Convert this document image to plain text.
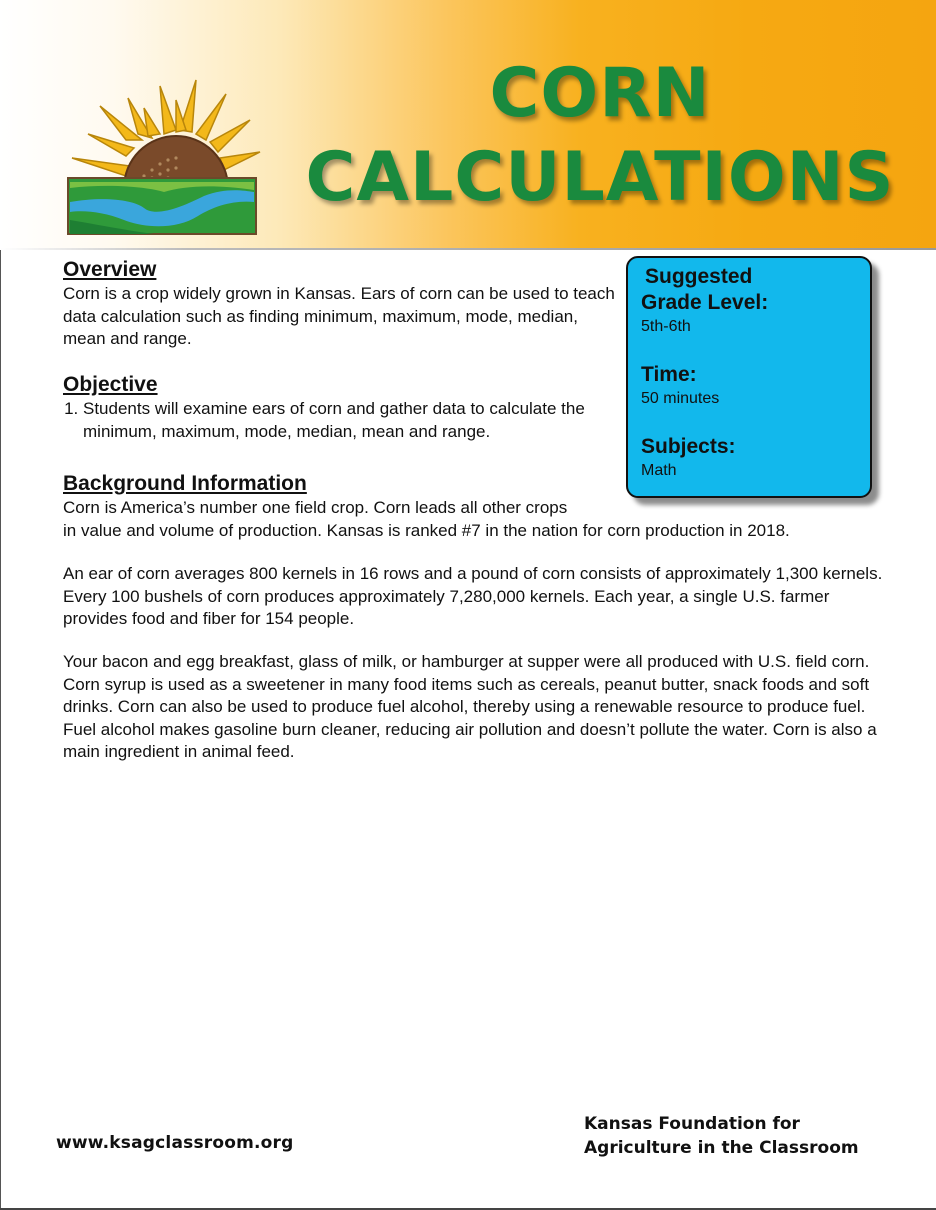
CORN
CALCULATIONS
Suggested
Grade Level:
5th-6th
Time:
50 minutes
Subjects:
Math
Overview

Corn is a crop widely grown in Kansas. Ears of corn can be used to teach data calculation such as finding minimum, maximum, mode, median, mean and range.

Objective
1. Students will examine ears of corn and gather data to calculate the minimum, maximum, mode, median, mean and range.
Background Information

Corn is America’s number one field crop. Corn leads all other crops
in value and volume of production. Kansas is ranked #7 in the nation for corn production in 2018.

An ear of corn averages 800 kernels in 16 rows and a pound of corn consists of approximately 1,300 kernels. Every 100 bushels of corn produces approximately 7,280,000 kernels. Each year, a single U.S. farmer provides food and fiber for 154 people.

Your bacon and egg breakfast, glass of milk, or hamburger at supper were all produced with U.S. field corn. Corn syrup is used as a sweetener in many food items such as cereals, peanut butter, snack foods and soft drinks. Corn can also be used to produce fuel alcohol, thereby using a renewable resource to produce fuel. Fuel alcohol makes gasoline burn cleaner, reducing air pollution and doesn’t pollute the water. Corn is also a main ingredient in animal feed.

www.ksagclassroom.org
Kansas Foundation for
Agriculture in the Classroom
